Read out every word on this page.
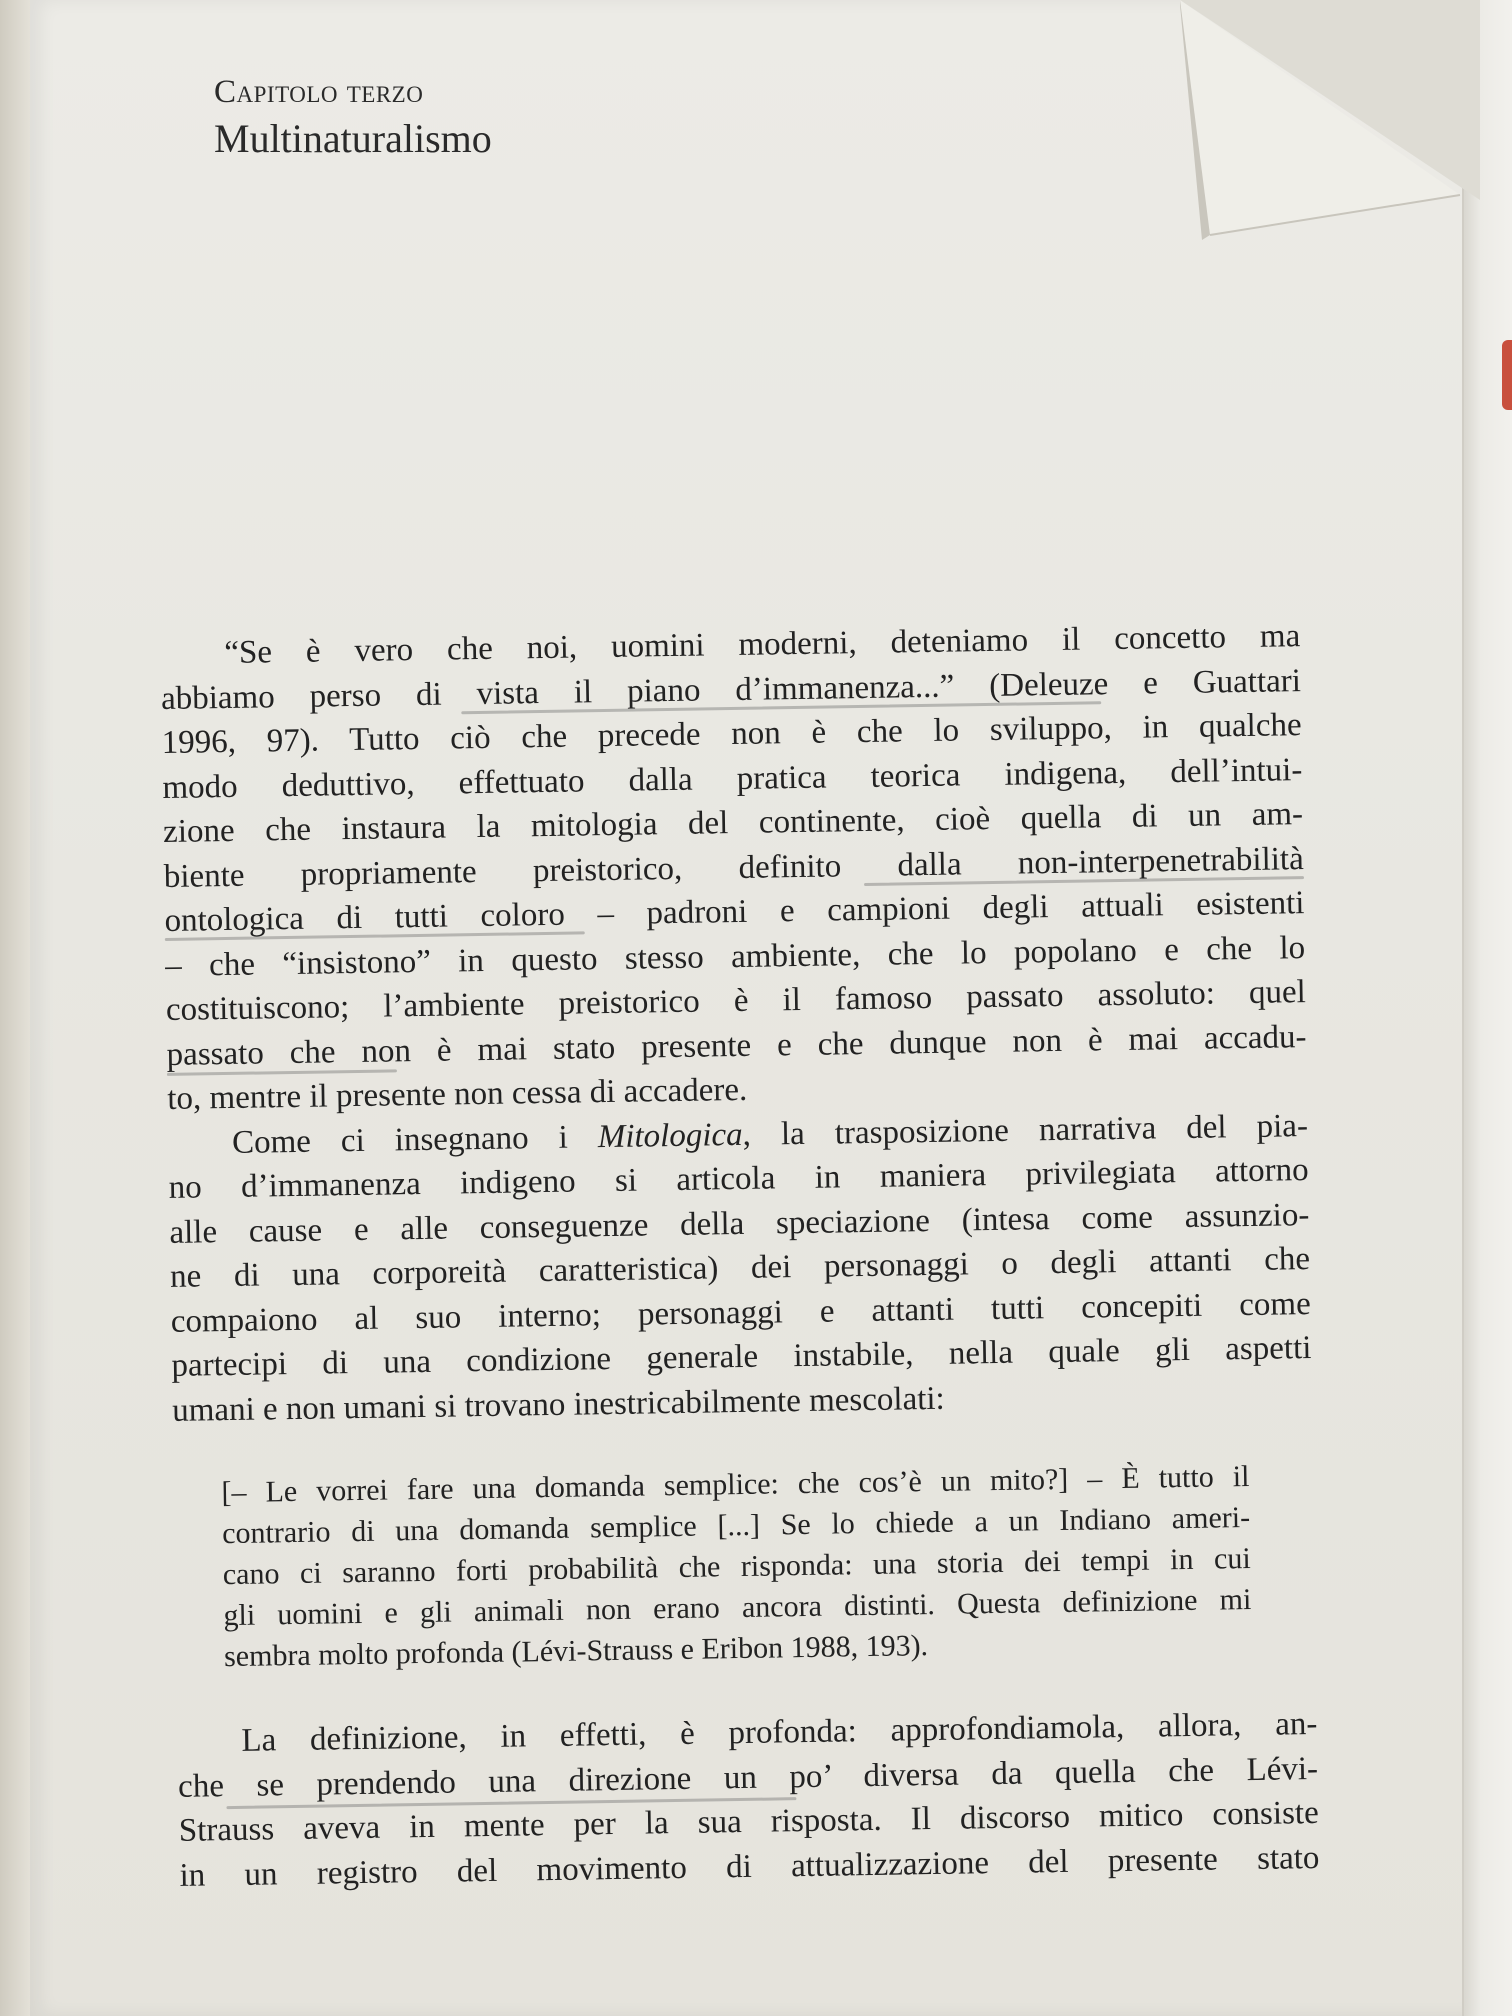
Capitolo terzo
Multinaturalismo
“Se è vero che noi, uomini moderni, deteniamo il concetto ma
abbiamo perso di vista il piano d’immanenza...” (Deleuze e Guattari
1996, 97). Tutto ciò che precede non è che lo sviluppo, in qualche
modo deduttivo, effettuato dalla pratica teorica indigena, dell’intui-
zione che instaura la mitologia del continente, cioè quella di un am-
biente propriamente preistorico, definito dalla non-interpenetrabilità
ontologica di tutti coloro – padroni e campioni degli attuali esistenti
– che “insistono” in questo stesso ambiente, che lo popolano e che lo
costituiscono; l’ambiente preistorico è il famoso passato assoluto: quel
passato che non è mai stato presente e che dunque non è mai accadu-
to, mentre il presente non cessa di accadere.
Come ci insegnano i Mitologica, la trasposizione narrativa del pia-
no d’immanenza indigeno si articola in maniera privilegiata attorno
alle cause e alle conseguenze della speciazione (intesa come assunzio-
ne di una corporeità caratteristica) dei personaggi o degli attanti che
compaiono al suo interno; personaggi e attanti tutti concepiti come
partecipi di una condizione generale instabile, nella quale gli aspetti
umani e non umani si trovano inestricabilmente mescolati:
[– Le vorrei fare una domanda semplice: che cos’è un mito?] – È tutto il
contrario di una domanda semplice [...] Se lo chiede a un Indiano ameri-
cano ci saranno forti probabilità che risponda: una storia dei tempi in cui
gli uomini e gli animali non erano ancora distinti. Questa definizione mi
sembra molto profonda (Lévi-Strauss e Eribon 1988, 193).
La definizione, in effetti, è profonda: approfondiamola, allora, an-
che se prendendo una direzione un po’ diversa da quella che Lévi-
Strauss aveva in mente per la sua risposta. Il discorso mitico consiste
in un registro del movimento di attualizzazione del presente stato
